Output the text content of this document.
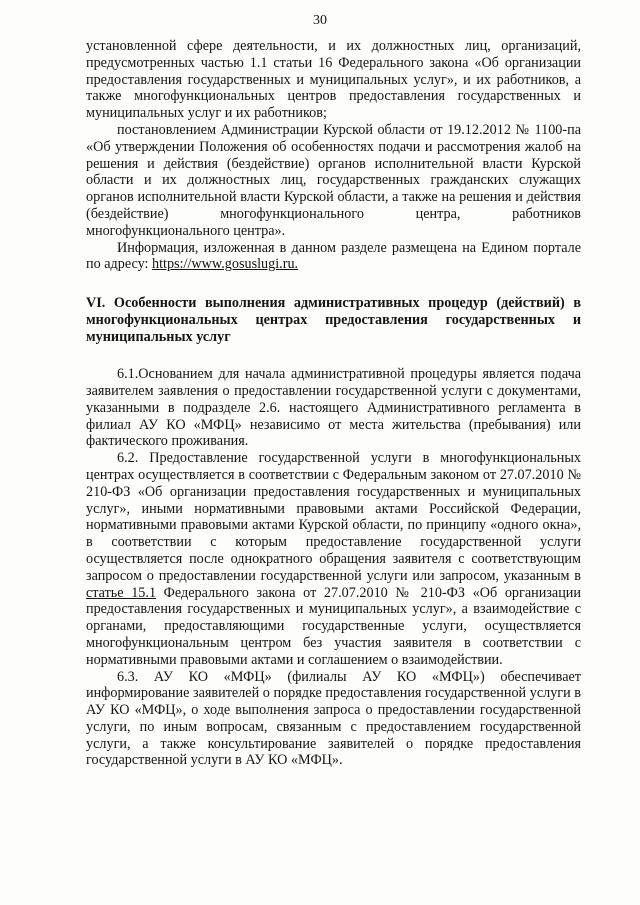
30

установленной сфере деятельности, и их должностных лиц, организаций, предусмотренных частью 1.1 статьи 16 Федерального закона «Об организации предоставления государственных и муниципальных услуг», и их работников, а также многофункциональных центров предоставления государственных и муниципальных услуг и их работников;

постановлением Администрации Курской области от 19.12.2012 № 1100-па «Об утверждении Положения об особенностях подачи и рассмотрения жалоб на решения и действия (бездействие) органов исполнительной власти Курской области и их должностных лиц, государственных гражданских служащих органов исполнительной власти Курской области, а также на решения и действия (бездействие) многофункционального центра, работников многофункционального центра».

Информация, изложенная в данном разделе размещена на Едином портале по адресу: https://www.gosuslugi.ru.

VI. Особенности выполнения административных процедур (действий) в многофункциональных центрах предоставления государственных и муниципальных услуг

6.1.Основанием для начала административной процедуры является подача заявителем заявления о предоставлении государственной услуги с документами, указанными в подразделе 2.6. настоящего Административного регламента в филиал АУ КО «МФЦ» независимо от места жительства (пребывания) или фактического проживания.

6.2. Предоставление государственной услуги в многофункциональных центрах осуществляется в соответствии с Федеральным законом от 27.07.2010 № 210-ФЗ «Об организации предоставления государственных и муниципальных услуг», иными нормативными правовыми актами Российской Федерации, нормативными правовыми актами Курской области, по принципу «одного окна», в соответствии с которым предоставление государственной услуги осуществляется после однократного обращения заявителя с соответствующим запросом о предоставлении государственной услуги или запросом, указанным в статье 15.1 Федерального закона от 27.07.2010 № 210-ФЗ «Об организации предоставления государственных и муниципальных услуг», а взаимодействие с органами, предоставляющими государственные услуги, осуществляется многофункциональным центром без участия заявителя в соответствии с нормативными правовыми актами и соглашением о взаимодействии.

6.3. АУ КО «МФЦ» (филиалы АУ КО «МФЦ») обеспечивает информирование заявителей о порядке предоставления государственной услуги в АУ КО «МФЦ», о ходе выполнения запроса о предоставлении государственной услуги, по иным вопросам, связанным с предоставлением государственной услуги, а также консультирование заявителей о порядке предоставления государственной услуги в АУ КО «МФЦ».
